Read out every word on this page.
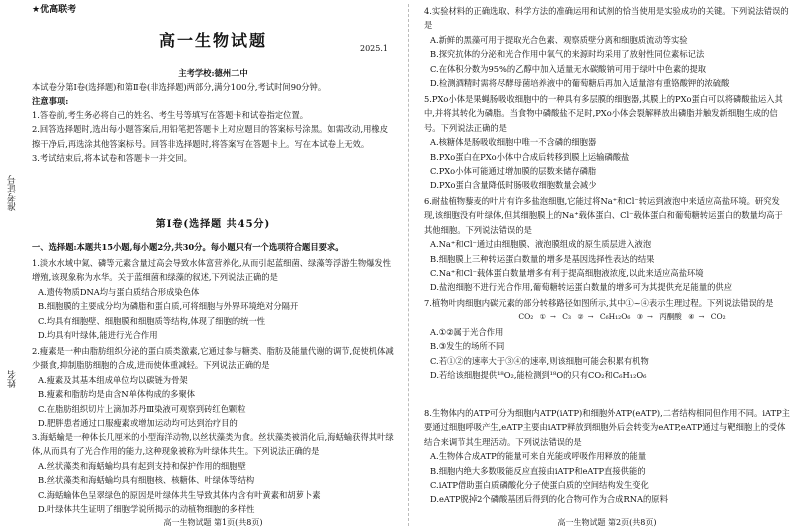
准考证号
姓名
★优高联考
高一生物试题	2025.1
主考学校:德州二中

本试卷分第Ⅰ卷(选择题)和第Ⅱ卷(非选择题)两部分,满分100分,考试时间90分钟。

注意事项:

1.答卷前,考生务必将自己的姓名、考生号等填写在答题卡和试卷指定位置。

2.回答选择题时,选出每小题答案后,用铅笔把答题卡上对应题目的答案标号涂黑。如需改动,用橡皮擦干净后,再选涂其他答案标号。回答非选择题时,将答案写在答题卡上。写在本试卷上无效。

3.考试结束后,将本试卷和答题卡一并交回。

第Ⅰ卷(选择题 共45分)
一、选择题:本题共15小题,每小题2分,共30分。每小题只有一个选项符合题目要求。

1.淡水水域中氮、磷等元素含量过高会导致水体富营养化,从而引起蓝细菌、绿藻等浮游生物爆发性增殖,该现象称为水华。关于蓝细菌和绿藻的叙述,下列说法正确的是

A.遗传物质DNA均与蛋白质结合形成染色体

B.细胞膜的主要成分均为磷脂和蛋白质,可将细胞与外界环境绝对分隔开

C.均具有细胞壁、细胞膜和细胞质等结构,体现了细胞的统一性

D.均具有叶绿体,能进行光合作用

2.瘦素是一种由脂肪组织分泌的蛋白质类激素,它通过参与糖类、脂肪及能量代谢的调节,促使机体减少摄食,抑制脂肪细胞的合成,进而使体重减轻。下列说法正确的是

A.瘦素及其基本组成单位均以碳链为骨架

B.瘦素和脂肪均是由含N单体构成的多聚体

C.在脂肪组织切片上滴加苏丹Ⅲ染液可观察到砖红色颗粒

D.肥胖患者通过口服瘦素或增加运动均可达到治疗目的

3.海蛞蝓是一种体长几厘米的小型海洋动物,以丝状藻类为食。丝状藻类被消化后,海蛞蝓获得其叶绿体,从而具有了光合作用的能力,这种现象被称为叶绿体共生。下列说法正确的是

A.丝状藻类和海蛞蝓均具有起到支持和保护作用的细胞壁

B.丝状藻类和海蛞蝓均具有细胞核、核糖体、叶绿体等结构

C.海蛞蝓体色呈翠绿色的原因是叶绿体共生导致其体内含有叶黄素和胡萝卜素

D.叶绿体共生证明了细胞学说所揭示的动植物细胞的多样性

高一生物试题 第1页(共8页)

4.实验材料的正确选取、科学方法的准确运用和试剂的恰当使用是实验成功的关键。下列说法错误的是

A.新鲜的黑藻可用于提取光合色素、观察质壁分离和细胞质流动等实验

B.探究抗体的分泌和光合作用中氧气的来源时均采用了放射性同位素标记法

C.在体积分数为95%的乙醇中加入适量无水碳酸钠可用于绿叶中色素的提取

D.检测酒精时需将尽酵母菌培养液中的葡萄糖后再加入适量溶有重铬酸钾的浓硫酸

5.PXo小体是果蝇肠吸收细胞中的一种具有多层膜的细胞器,其膜上的PXo蛋白可以将磷酸盐运入其中,并将其转化为磷脂。当食物中磷酸盐不足时,PXo小体会裂解释放出磷脂并触发新细胞生成的信号。下列说法正确的是

A.核糖体是肠吸收细胞中唯一不含磷的细胞器

B.PXo蛋白在PXo小体中合成后转移到膜上运输磷酸盐

C.PXo小体可能通过增加膜的层数来储存磷脂

D.PXo蛋白含量降低时肠吸收细胞数量会减少

6.耐盐植物藜麦的叶片有许多盐泡细胞,它能过将Na⁺和Cl⁻转运到液泡中来适应高盐环境。研究发现,该细胞没有叶绿体,但其细胞膜上的Na⁺载体蛋白、Cl⁻载体蛋白和葡萄糖转运蛋白的数量均高于其他细胞。下列说法错误的是

A.Na⁺和Cl⁻通过由细胞膜、液泡膜组成的原生质层进入液泡

B.细胞膜上三种转运蛋白数量的增多是基因选择性表达的结果

C.Na⁺和Cl⁻载体蛋白数量增多有利于提高细胞液浓度,以此来适应高盐环境

D.盐泡细胞不进行光合作用,葡萄糖转运蛋白数量的增多可为其提供充足能量的供应

7.植物叶肉细胞内碳元素的部分转移路径如图所示,其中①~④表示生理过程。下列说法错误的是

CO₂ ① → C₃ ② → C₆H₁₂O₆ ③ → 丙酮酸 ④ → CO₂

A.①②属于光合作用

B.③发生的场所不同

C.若①②的速率大于③④的速率,则该细胞可能会积累有机物

D.若给该细胞提供¹⁸O₂,能检测到¹⁸O的只有CO₂和C₆H₁₂O₆

8.生物体内的ATP可分为细胞内ATP(iATP)和细胞外ATP(eATP),二者结构相同但作用不同。iATP主要通过细胞呼吸产生,eATP主要由iATP释放到细胞外后会转变为eATP,eATP通过与靶细胞上的受体结合来调节其生理活动。下列说法错误的是

A.生物体合成ATP的能量可来自光能或呼吸作用释放的能量

B.细胞内绝大多数吸能反应直接由iATP和eATP直接供能的

C.iATP借助蛋白质磷酸化分子使蛋白质的空间结构发生变化

D.eATP脱掉2个磷酸基团后得到的化合物可作为合成RNA的原料

高一生物试题 第2页(共8页)
